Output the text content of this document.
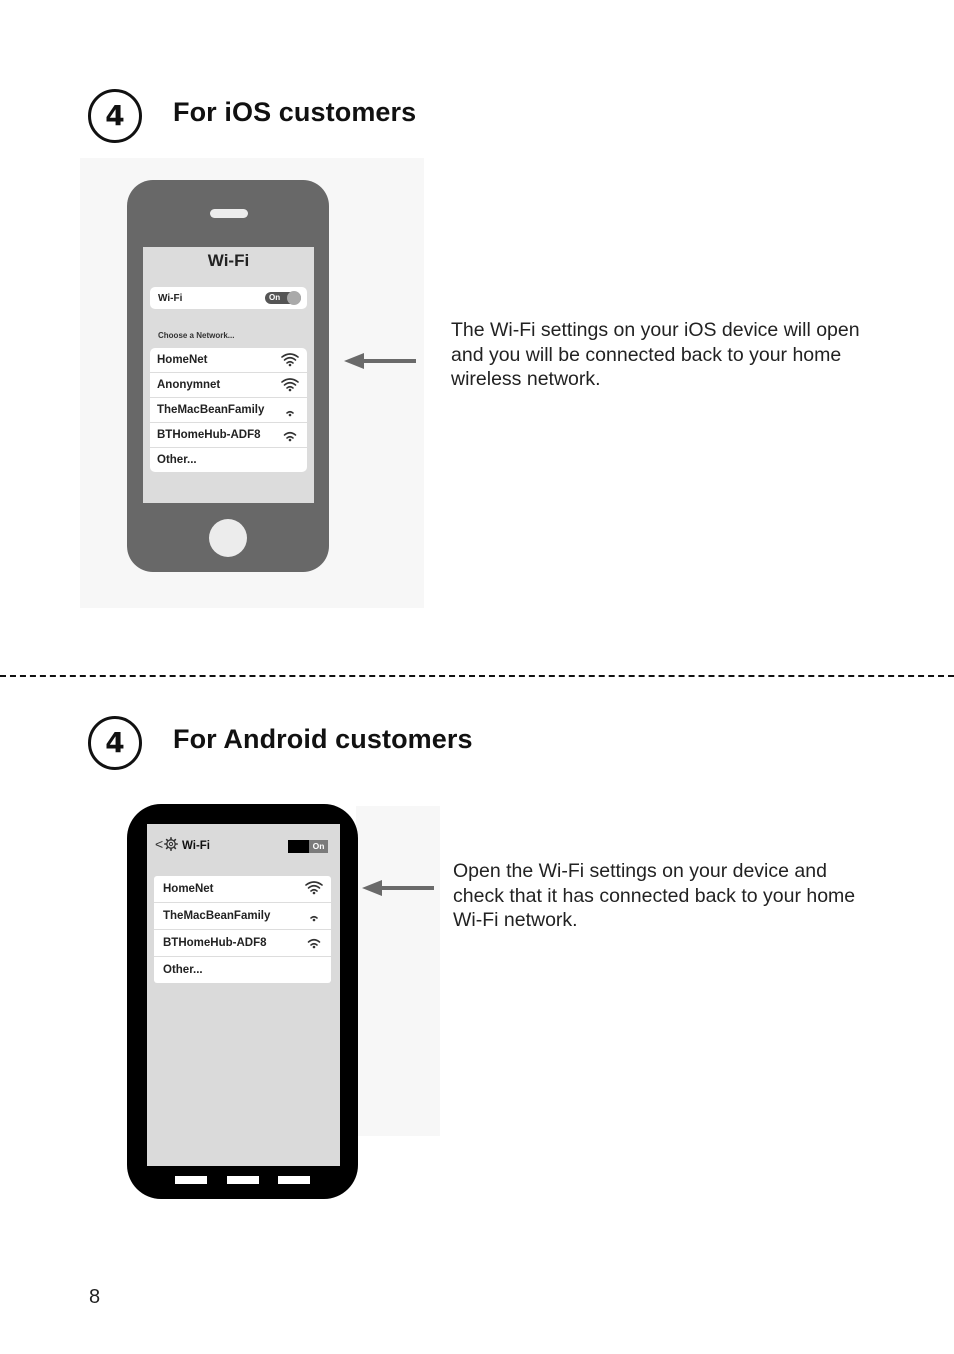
4 For iOS customers
Wi-Fi
Wi-Fi	On
Choose a Network...
HomeNet
Anonymnet
TheMacBeanFamily
BTHomeHub-ADF8
Other...
The Wi-Fi settings on your iOS device will open and you will be connected back to your home wireless network.
4 For Android customers
< Wi-Fi	On
HomeNet
TheMacBeanFamily
BTHomeHub-ADF8
Other...
Open the Wi-Fi settings on your device and check that it has connected back to your home Wi-Fi network.
8
